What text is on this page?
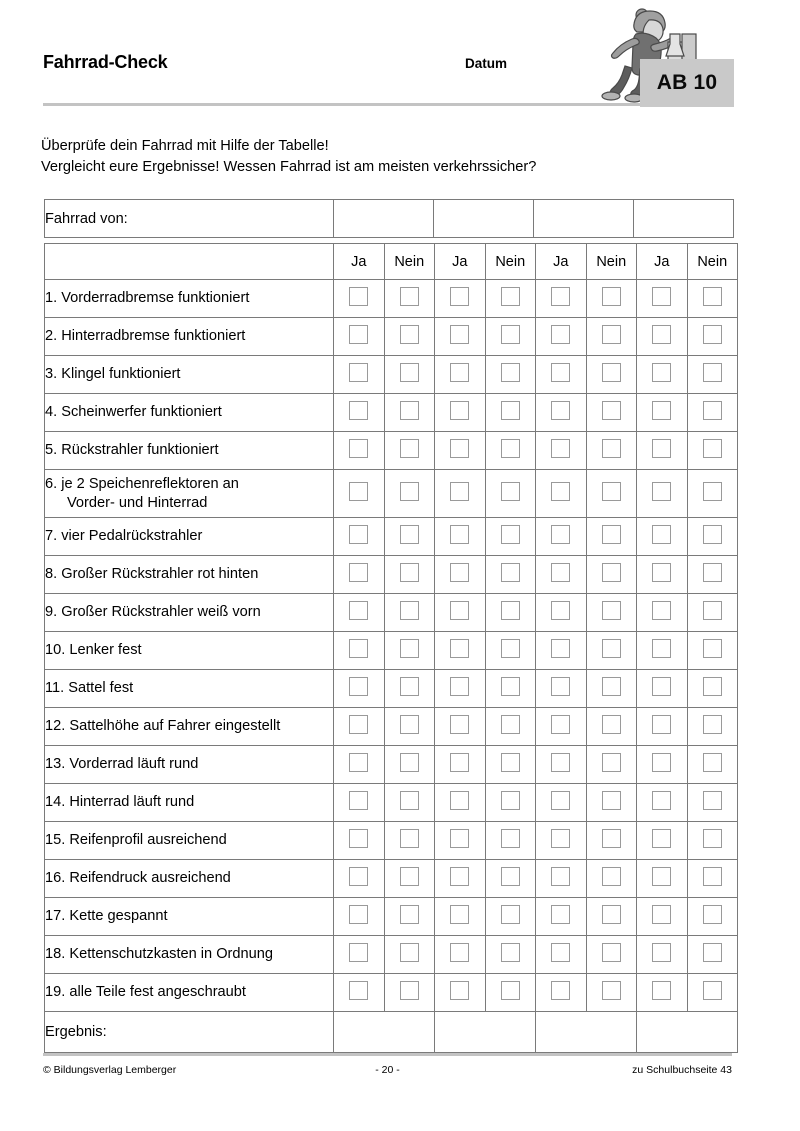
Fahrrad-Check	Datum
AB 10
Überprüfe dein Fahrrad mit Hilfe der Tabelle!
Vergleicht eure Ergebnisse! Wessen Fahrrad ist am meisten verkehrssicher?
Fahrrad von:				
	Ja	Nein	Ja	Nein	Ja	Nein	Ja	Nein

1. Vorderradbremse funktioniert								

2. Hinterradbremse funktioniert								

3. Klingel funktioniert								

4. Scheinwerfer funktioniert								

5. Rückstrahler funktioniert								

6. je 2 Speichenreflektoren an
Vorder- und Hinterrad								

7. vier Pedalrückstrahler								

8. Großer Rückstrahler rot hinten								

9. Großer Rückstrahler weiß vorn								

10. Lenker fest								

11. Sattel fest								

12. Sattelhöhe auf Fahrer eingestellt								

13. Vorderrad läuft rund								

14. Hinterrad läuft rund								

15. Reifenprofil ausreichend								

16. Reifendruck ausreichend								

17. Kette gespannt								

18. Kettenschutzkasten in Ordnung								

19. alle Teile fest angeschraubt								

Ergebnis:								
© Bildungsverlag Lemberger	- 20 -	zu Schulbuchseite 43
